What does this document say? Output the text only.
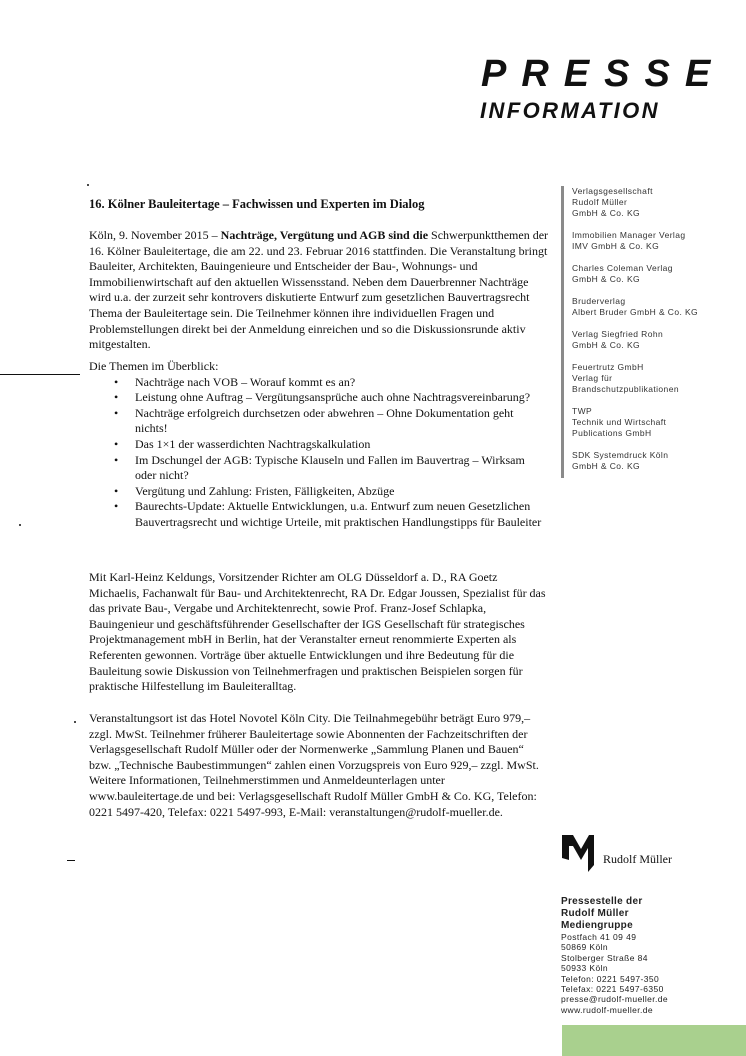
PRESSE
INFORMATION
16. Kölner Bauleitertage – Fachwissen und Experten im Dialog

Köln, 9. November 2015 – Nachträge, Vergütung und AGB sind die Schwerpunktthemen der 16. Kölner Bauleitertage, die am 22. und 23. Februar 2016 stattfinden. Die Veranstaltung bringt Bauleiter, Architekten, Bauingenieure und Entscheider der Bau-, Wohnungs- und Immobilienwirtschaft auf den aktuellen Wissensstand. Neben dem Dauerbrenner Nachträge wird u.a. der zurzeit sehr kontrovers diskutierte Entwurf zum gesetzlichen Bauvertragsrecht Thema der Bauleitertage sein. Die Teilnehmer können ihre individuellen Fragen und Problemstellungen direkt bei der Anmeldung einreichen und so die Diskussionsrunde aktiv mitgestalten.

Die Themen im Überblick:

• Nachträge nach VOB – Worauf kommt es an?
• Leistung ohne Auftrag – Vergütungsansprüche auch ohne Nachtragsvereinbarung?
• Nachträge erfolgreich durchsetzen oder abwehren – Ohne Dokumentation geht nichts!
• Das 1×1 der wasserdichten Nachtragskalkulation
• Im Dschungel der AGB: Typische Klauseln und Fallen im Bauvertrag – Wirksam oder nicht?
• Vergütung und Zahlung: Fristen, Fälligkeiten, Abzüge
• Baurechts-Update: Aktuelle Entwicklungen, u.a. Entwurf zum neuen Gesetzlichen Bauvertragsrecht und wichtige Urteile, mit praktischen Handlungstipps für Bauleiter
Mit Karl-Heinz Keldungs, Vorsitzender Richter am OLG Düsseldorf a. D., RA Goetz Michaelis, Fachanwalt für Bau- und Architektenrecht, RA Dr. Edgar Joussen, Spezialist für das das private Bau-, Vergabe und Architektenrecht, sowie Prof. Franz-Josef Schlapka, Bauingenieur und geschäftsführender Gesellschafter der IGS Gesellschaft für strategisches Projektmanagement mbH in Berlin, hat der Veranstalter erneut renommierte Experten als Referenten gewonnen. Vorträge über aktuelle Entwicklungen und ihre Bedeutung für die Bauleitung sowie Diskussion von Teilnehmerfragen und praktischen Beispielen sorgen für praktische Hilfestellung im Bauleiteralltag.
Veranstaltungsort ist das Hotel Novotel Köln City. Die Teilnahmegebühr beträgt Euro 979,– zzgl. MwSt. Teilnehmer früherer Bauleitertage sowie Abonnenten der Fachzeitschriften der Verlagsgesellschaft Rudolf Müller oder der Normenwerke „Sammlung Planen und Bauen“ bzw. „Technische Baubestimmungen“ zahlen einen Vorzugspreis von Euro 929,– zzgl. MwSt. Weitere Informationen, Teilnehmerstimmen und Anmeldeunterlagen unter www.bauleitertage.de und bei: Verlagsgesellschaft Rudolf Müller GmbH & Co. KG, Telefon: 0221 5497-420, Telefax: 0221 5497-993, E-Mail: veranstaltungen@rudolf-mueller.de.
Verlagsgesellschaft
Rudolf Müller
GmbH & Co. KG
Immobilien Manager Verlag
IMV GmbH & Co. KG
Charles Coleman Verlag
GmbH & Co. KG
Bruderverlag
Albert Bruder GmbH & Co. KG
Verlag Siegfried Rohn
GmbH & Co. KG
Feuertrutz GmbH
Verlag für
Brandschutzpublikationen
TWP
Technik und Wirtschaft
Publications GmbH
SDK Systemdruck Köln
GmbH & Co. KG
Rudolf Müller
Pressestelle der
Rudolf Müller
Mediengruppe
Postfach 41 09 49
50869 Köln
Stolberger Straße 84
50933 Köln
Telefon: 0221 5497-350
Telefax: 0221 5497-6350
presse@rudolf-mueller.de
www.rudolf-mueller.de
